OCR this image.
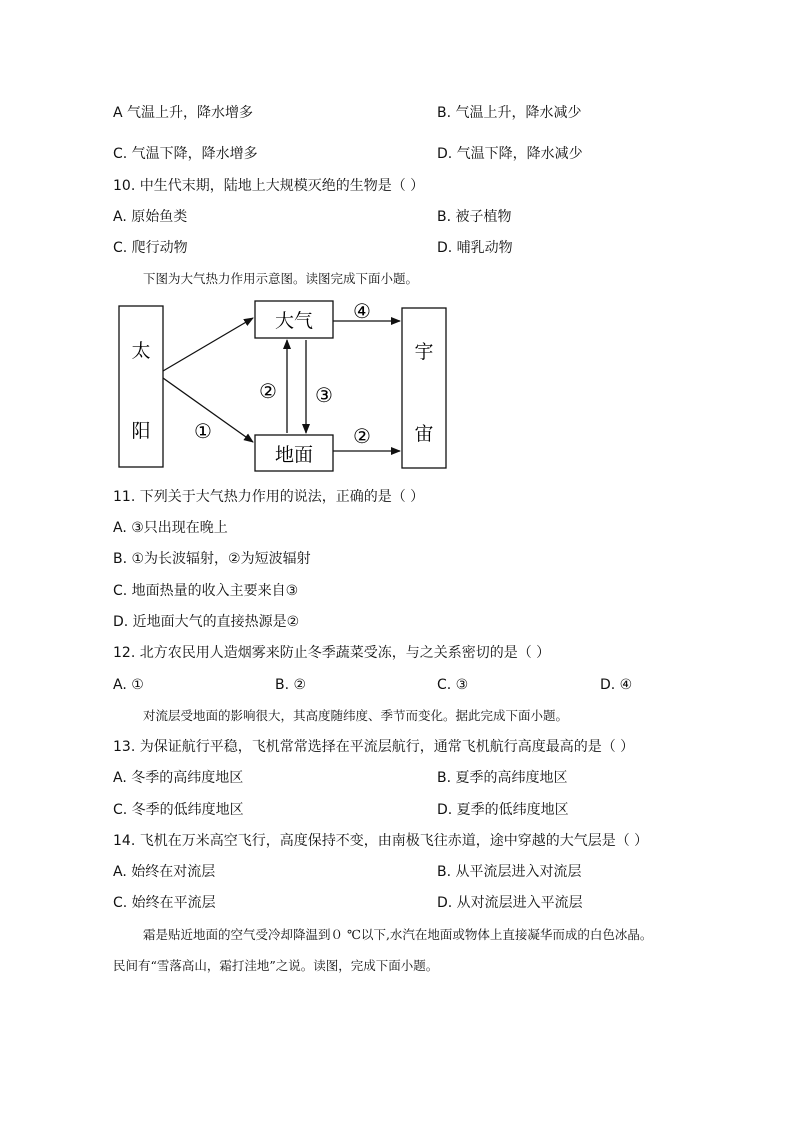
A 气温上升，降水增多	B. 气温上升，降水减少
C. 气温下降，降水增多	D. 气温下降，降水减少
10. 中生代末期，陆地上大规模灭绝的生物是（ ）
A. 原始鱼类	B. 被子植物
C. 爬行动物	D. 哺乳动物
下图为大气热力作用示意图。读图完成下面小题。
太
阳
大气
地面
宇
宙
①
② ③
④
②
11. 下列关于大气热力作用的说法，正确的是（ ）
A. ③只出现在晚上
B. ①为长波辐射，②为短波辐射
C. 地面热量的收入主要来自③
D. 近地面大气的直接热源是②
12. 北方农民用人造烟雾来防止冬季蔬菜受冻，与之关系密切的是（ ）
A. ①	B. ②	C. ③	D. ④
对流层受地面的影响很大，其高度随纬度、季节而变化。据此完成下面小题。
13. 为保证航行平稳，飞机常常选择在平流层航行，通常飞机航行高度最高的是（ ）
A. 冬季的高纬度地区	B. 夏季的高纬度地区
C. 冬季的低纬度地区	D. 夏季的低纬度地区
14. 飞机在万米高空飞行，高度保持不变，由南极飞往赤道，途中穿越的大气层是（ ）
A. 始终在对流层	B. 从平流层进入对流层
C. 始终在平流层	D. 从对流层进入平流层
霜是贴近地面的空气受冷却降温到０ ℃以下,水汽在地面或物体上直接凝华而成的白色冰晶。
民间有“雪落高山，霜打洼地”之说。读图，完成下面小题。
